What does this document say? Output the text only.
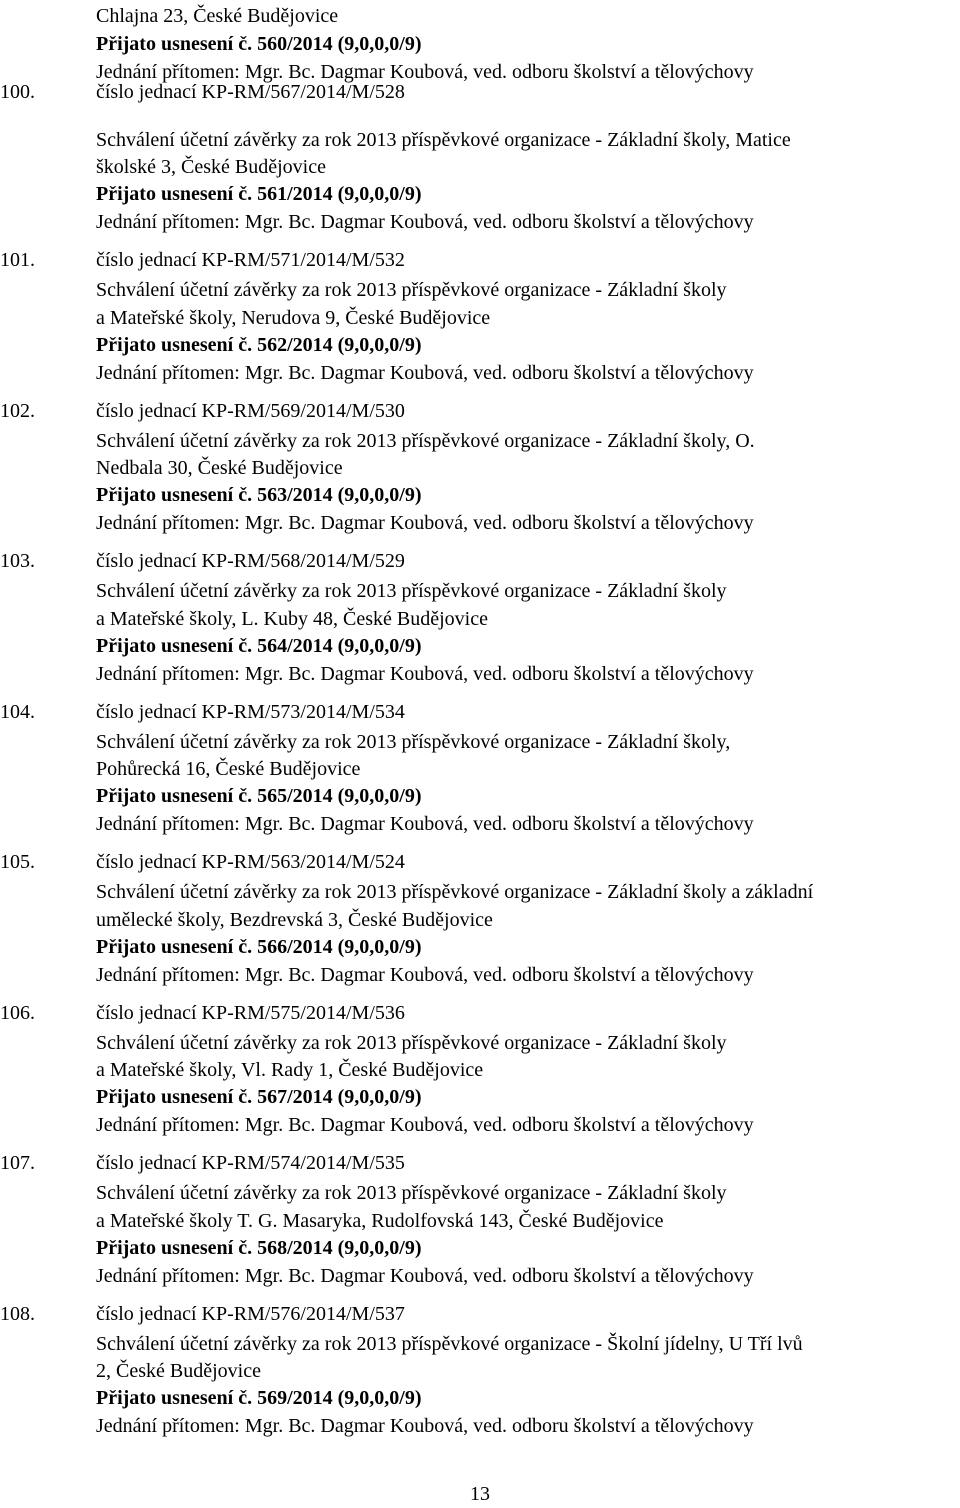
Chlajna 23, České Budějovice
Přijato usnesení č. 560/2014 (9,0,0,0/9)
Jednání přítomen: Mgr. Bc. Dagmar Koubová, ved. odboru školství a tělovýchovy
100.	číslo jednací KP-RM/567/2014/M/528
Schválení účetní závěrky za rok 2013 příspěvkové organizace - Základní školy, Matice
školské 3, České Budějovice
Přijato usnesení č. 561/2014 (9,0,0,0/9)
Jednání přítomen: Mgr. Bc. Dagmar Koubová, ved. odboru školství a tělovýchovy
101.	číslo jednací KP-RM/571/2014/M/532
Schválení účetní závěrky za rok 2013 příspěvkové organizace - Základní školy
a Mateřské školy, Nerudova 9, České Budějovice
Přijato usnesení č. 562/2014 (9,0,0,0/9)
Jednání přítomen: Mgr. Bc. Dagmar Koubová, ved. odboru školství a tělovýchovy
102.	číslo jednací KP-RM/569/2014/M/530
Schválení účetní závěrky za rok 2013 příspěvkové organizace - Základní školy, O.
Nedbala 30, České Budějovice
Přijato usnesení č. 563/2014 (9,0,0,0/9)
Jednání přítomen: Mgr. Bc. Dagmar Koubová, ved. odboru školství a tělovýchovy
103.	číslo jednací KP-RM/568/2014/M/529
Schválení účetní závěrky za rok 2013 příspěvkové organizace - Základní školy
a Mateřské školy, L. Kuby 48, České Budějovice
Přijato usnesení č. 564/2014 (9,0,0,0/9)
Jednání přítomen: Mgr. Bc. Dagmar Koubová, ved. odboru školství a tělovýchovy
104.	číslo jednací KP-RM/573/2014/M/534
Schválení účetní závěrky za rok 2013 příspěvkové organizace - Základní školy,
Pohůrecká 16, České Budějovice
Přijato usnesení č. 565/2014 (9,0,0,0/9)
Jednání přítomen: Mgr. Bc. Dagmar Koubová, ved. odboru školství a tělovýchovy
105.	číslo jednací KP-RM/563/2014/M/524
Schválení účetní závěrky za rok 2013 příspěvkové organizace - Základní školy a základní
umělecké školy, Bezdrevská 3, České Budějovice
Přijato usnesení č. 566/2014 (9,0,0,0/9)
Jednání přítomen: Mgr. Bc. Dagmar Koubová, ved. odboru školství a tělovýchovy
106.	číslo jednací KP-RM/575/2014/M/536
Schválení účetní závěrky za rok 2013 příspěvkové organizace - Základní školy
a Mateřské školy, Vl. Rady 1, České Budějovice
Přijato usnesení č. 567/2014 (9,0,0,0/9)
Jednání přítomen: Mgr. Bc. Dagmar Koubová, ved. odboru školství a tělovýchovy
107.	číslo jednací KP-RM/574/2014/M/535
Schválení účetní závěrky za rok 2013 příspěvkové organizace - Základní školy
a Mateřské školy T. G. Masaryka, Rudolfovská 143, České Budějovice
Přijato usnesení č. 568/2014 (9,0,0,0/9)
Jednání přítomen: Mgr. Bc. Dagmar Koubová, ved. odboru školství a tělovýchovy
108.	číslo jednací KP-RM/576/2014/M/537
Schválení účetní závěrky za rok 2013 příspěvkové organizace - Školní jídelny, U Tří lvů
2, České Budějovice
Přijato usnesení č. 569/2014 (9,0,0,0/9)
Jednání přítomen: Mgr. Bc. Dagmar Koubová, ved. odboru školství a tělovýchovy
13
